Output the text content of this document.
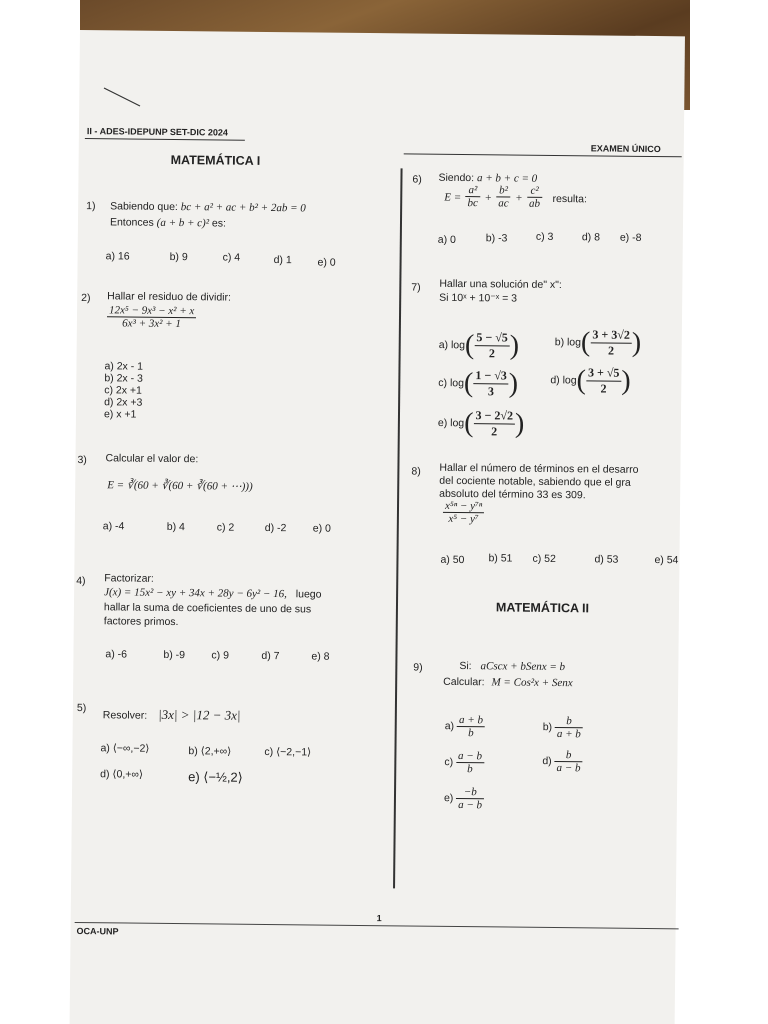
II - ADES-IDEPUNP SET-DIC 2024
EXAMEN ÚNICO
MATEMÁTICA I
1) Sabiendo que: bc + a² + ac + b² + 2ab = 0
Entonces (a + b + c)² es:
a) 16	b) 9	c) 4	d) 1 e) 0
2) Hallar el residuo de dividir:
$\frac{\text{12x⁵ − 9x³ − x² + x}}{\text{6x³ + 3x² + 1}}$
a) 2x - 1
b) 2x - 3
c) 2x +1
d) 2x +3
e) x +1
3) Calcular el valor de:
E = ∛(60 + ∛(60 + ∛(60 + ⋯)))
a) -4	b) 4	c) 2	d) -2	e) 0
4) Factorizar:
J(x) = 15x² − xy + 34x + 28y − 6y² − 16, luego
hallar la suma de coeficientes de uno de sus
factores primos.
a) -6	b) -9	c) 9	d) 7	e) 8
5)
Resolver: |3x| > |12 − 3x|
a) ⟨−∞,−2⟩	b) ⟨2,+∞⟩	c) ⟨−2,−1⟩
d) ⟨0,+∞⟩	e) ⟨−½,2⟩
6) Siendo: a + b + c = 0
$E = \frac{\text{a²}}{bc} + \frac{\text{b²}}{ac} + \frac{\text{c²}}{ab}$ resulta:
a) 0	b) -3	c) 3	d) 8 e) -8
7) Hallar una solución de" x":
Si 10ˣ + 10⁻ˣ = 3
a) $\log( \frac{5 - √5}{2}$ )	b) $\log( \frac{3 + 3√2}{2}$ )
c) $\log( \frac{1 - √3}{3}$ )	d) $\log( \frac{3 + √5}{2}$ )
e) $\log( \frac{3 - 2√2}{2}$ )
8) Hallar el número de términos en el desarro
del cociente notable, sabiendo que el gra
absoluto del término 33 es 309.
$\frac{\text{x⁵ⁿ − y⁷ⁿ}}{\text{x⁵ − y⁷}}$
a) 50 b) 51 c) 52	d) 53	e) 54
MATEMÁTICA II
9)	Si: aCscx + bSenx = b
Calcular: M = Cos²x + Senx
$a) \frac{a + b}{b}$	$b) \frac{b}{a + b}$
$c) \frac{a - b}{b}$	$d) \frac{b}{a - b}$
$e) \frac{-b}{a - b}$
1
OCA-UNP
